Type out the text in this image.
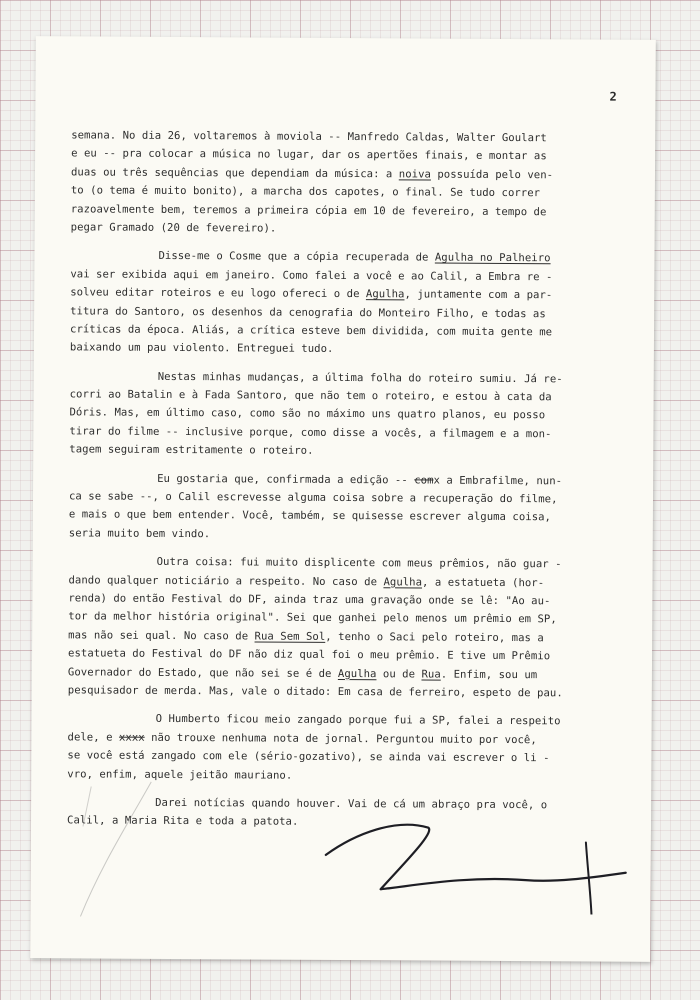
2
semana. No dia 26, voltaremos à moviola -- Manfredo Caldas, Walter Goulart
e eu -- pra colocar a música no lugar, dar os apertões finais, e montar as
duas ou três sequências que dependiam da música: a noiva possuída pelo ven-
to (o tema é muito bonito), a marcha dos capotes, o final. Se tudo correr
razoavelmente bem, teremos a primeira cópia em 10 de fevereiro, a tempo de
pegar Gramado (20 de fevereiro).
Disse-me o Cosme que a cópia recuperada de Agulha no Palheiro
vai ser exibida aqui em janeiro. Como falei a você e ao Calil, a Embra re -
solveu editar roteiros e eu logo ofereci o de Agulha, juntamente com a par-
titura do Santoro, os desenhos da cenografia do Monteiro Filho, e todas as
críticas da época. Aliás, a crítica esteve bem dividida, com muita gente me
baixando um pau violento. Entreguei tudo.
Nestas minhas mudanças, a última folha do roteiro sumiu. Já re-
corri ao Batalin e à Fada Santoro, que não tem o roteiro, e estou à cata da
Dóris. Mas, em último caso, como são no máximo uns quatro planos, eu posso
tirar do filme -- inclusive porque, como disse a vocês, a filmagem e a mon-
tagem seguiram estritamente o roteiro.
Eu gostaria que, confirmada a edição -- comx a Embrafilme, nun-
ca se sabe --, o Calil escrevesse alguma coisa sobre a recuperação do filme,
e mais o que bem entender. Você, também, se quisesse escrever alguma coisa,
seria muito bem vindo.
Outra coisa: fui muito displicente com meus prêmios, não guar -
dando qualquer noticiário a respeito. No caso de Agulha, a estatueta (hor-
renda) do então Festival do DF, ainda traz uma gravação onde se lê: "Ao au-
tor da melhor história original". Sei que ganhei pelo menos um prêmio em SP,
mas não sei qual. No caso de Rua Sem Sol, tenho o Saci pelo roteiro, mas a
estatueta do Festival do DF não diz qual foi o meu prêmio. E tive um Prêmio
Governador do Estado, que não sei se é de Agulha ou de Rua. Enfim, sou um
pesquisador de merda. Mas, vale o ditado: Em casa de ferreiro, espeto de pau.
O Humberto ficou meio zangado porque fui a SP, falei a respeito
dele, e xxxx não trouxe nenhuma nota de jornal. Perguntou muito por você,
se você está zangado com ele (sério-gozativo), se ainda vai escrever o li -
vro, enfim, aquele jeitão mauriano.
Darei notícias quando houver. Vai de cá um abraço pra você, o
Calil, a Maria Rita e toda a patota.
